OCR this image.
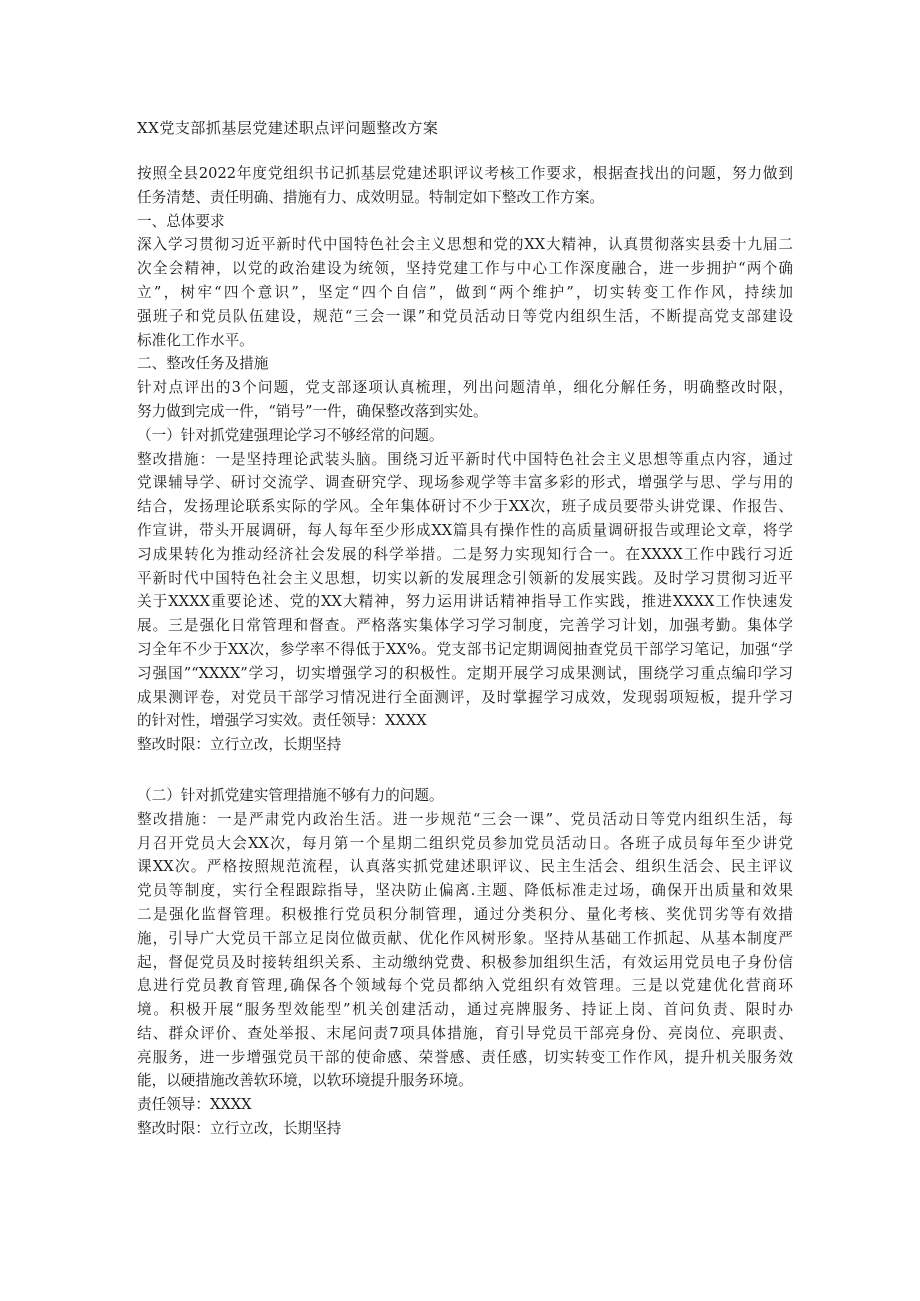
XX党支部抓基层党建述职点评问题整改方案
按照全县2022年度党组织书记抓基层党建述职评议考核工作要求，根据查找出的问题，努力做到
任务清楚、责任明确、措施有力、成效明显。特制定如下整改工作方案。
一、总体要求
深入学习贯彻习近平新时代中国特色社会主义思想和党的XX大精神，认真贯彻落实县委十九届二
次全会精神，以党的政治建设为统领，坚持党建工作与中心工作深度融合，进一步拥护“两个确
立”，树牢“四个意识”，坚定“四个自信”，做到“两个维护”，切实转变工作作风，持续加
强班子和党员队伍建设，规范“三会一课”和党员活动日等党内组织生活，不断提高党支部建设
标准化工作水平。
二、整改任务及措施
针对点评出的3个问题，党支部逐项认真梳理，列出问题清单，细化分解任务，明确整改时限，
努力做到完成一件，“销号”一件，确保整改落到实处。
（一）针对抓党建强理论学习不够经常的问题。
整改措施：一是坚持理论武装头脑。围绕习近平新时代中国特色社会主义思想等重点内容，通过
党课辅导学、研讨交流学、调查研究学、现场参观学等丰富多彩的形式，增强学与思、学与用的
结合，发扬理论联系实际的学风。全年集体研讨不少于XX次，班子成员要带头讲党课、作报告、
作宣讲，带头开展调研，每人每年至少形成XX篇具有操作性的高质量调研报告或理论文章，将学
习成果转化为推动经济社会发展的科学举措。二是努力实现知行合一。在XXXX工作中践行习近
平新时代中国特色社会主义思想，切实以新的发展理念引领新的发展实践。及时学习贯彻习近平
关于XXXX重要论述、党的XX大精神，努力运用讲话精神指导工作实践，推进XXXX工作快速发
展。三是强化日常管理和督查。严格落实集体学习学习制度，完善学习计划，加强考勤。集体学
习全年不少于XX次，参学率不得低于XX%。党支部书记定期调阅抽查党员干部学习笔记，加强“学
习强国”“XXXX”学习，切实增强学习的积极性。定期开展学习成果测试，围绕学习重点编印学习
成果测评卷，对党员干部学习情况进行全面测评，及时掌握学习成效，发现弱项短板，提升学习
的针对性，增强学习实效。责任领导：XXXX
整改时限：立行立改，长期坚持
（二）针对抓党建实管理措施不够有力的问题。
整改措施：一是严肃党内政治生活。进一步规范“三会一课”、党员活动日等党内组织生活，每
月召开党员大会XX次，每月第一个星期二组织党员参加党员活动日。各班子成员每年至少讲党
课XX次。严格按照规范流程，认真落实抓党建述职评议、民主生活会、组织生活会、民主评议
党员等制度，实行全程跟踪指导，坚决防止偏离.主题、降低标准走过场，确保开出质量和效果
二是强化监督管理。积极推行党员积分制管理，通过分类积分、量化考核、奖优罚劣等有效措
施，引导广大党员干部立足岗位做贡献、优化作风树形象。坚持从基础工作抓起、从基本制度严
起，督促党员及时接转组织关系、主动缴纳党费、积极参加组织生活，有效运用党员电子身份信
息进行党员教育管理,确保各个领域每个党员都纳入党组织有效管理。三是以党建优化营商环
境。积极开展“服务型效能型”机关创建活动，通过亮牌服务、持证上岗、首问负责、限时办
结、群众评价、查处举报、末尾问责7项具体措施，育引导党员干部亮身份、亮岗位、亮职责、
亮服务，进一步增强党员干部的使命感、荣誉感、责任感，切实转变工作作风，提升机关服务效
能，以硬措施改善软环境，以软环境提升服务环境。
责任领导：XXXX
整改时限：立行立改，长期坚持
